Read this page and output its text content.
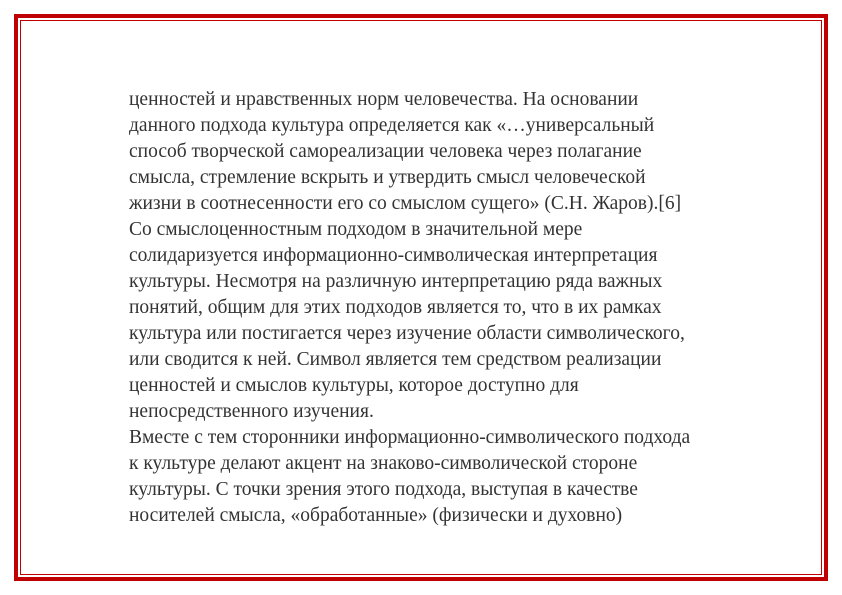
ценностей и нравственных норм человечества. На основании
данного подхода культура определяется как «…универсальный
способ творческой самореализации человека через полагание
смысла, стремление вскрыть и утвердить смысл человеческой
жизни в соотнесенности его со смыслом сущего» (С.Н. Жаров).[6]
Со смыслоценностным подходом в значительной мере
солидаризуется информационно-символическая интерпретация
культуры. Несмотря на различную интерпретацию ряда важных
понятий, общим для этих подходов является то, что в их рамках
культура или постигается через изучение области символического,
или сводится к ней. Символ является тем средством реализации
ценностей и смыслов культуры, которое доступно для
непосредственного изучения.
Вместе с тем сторонники информационно-символического подхода
к культуре делают акцент на знаково-символической стороне
культуры. С точки зрения этого подхода, выступая в качестве
носителей смысла, «обработанные» (физически и духовно)
